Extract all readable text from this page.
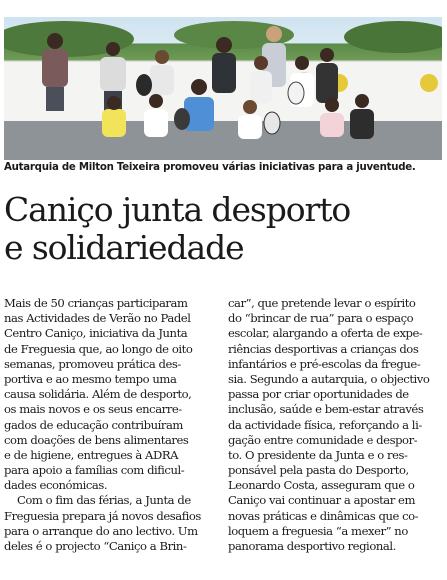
Autarquia de Milton Teixeira promoveu várias iniciativas para a juventude.
Caniço junta desporto
e solidariedade
Mais de 50 crianças participaram
nas Actividades de Verão no Padel
Centro Caniço, iniciativa da Junta
de Freguesia que, ao longo de oito
semanas, promoveu prática des-
portiva e ao mesmo tempo uma
causa solidária. Além de desporto,
os mais novos e os seus encarre-
gados de educação contribuíram
com doações de bens alimentares
e de higiene, entregues à ADRA
para apoio a famílias com dificul-
dades económicas.
Com o fim das férias, a Junta de
Freguesia prepara já novos desafios
para o arranque do ano lectivo. Um
deles é o projecto “Caniço a Brin-
car”, que pretende levar o espírito
do “brincar de rua” para o espaço
escolar, alargando a oferta de expe-
riências desportivas a crianças dos
infantários e pré-escolas da fregue-
sia. Segundo a autarquia, o objectivo
passa por criar oportunidades de
inclusão, saúde e bem-estar através
da actividade física, reforçando a li-
gação entre comunidade e despor-
to. O presidente da Junta e o res-
ponsável pela pasta do Desporto,
Leonardo Costa, asseguram que o
Caniço vai continuar a apostar em
novas práticas e dinâmicas que co-
loquem a freguesia “a mexer” no
panorama desportivo regional.
